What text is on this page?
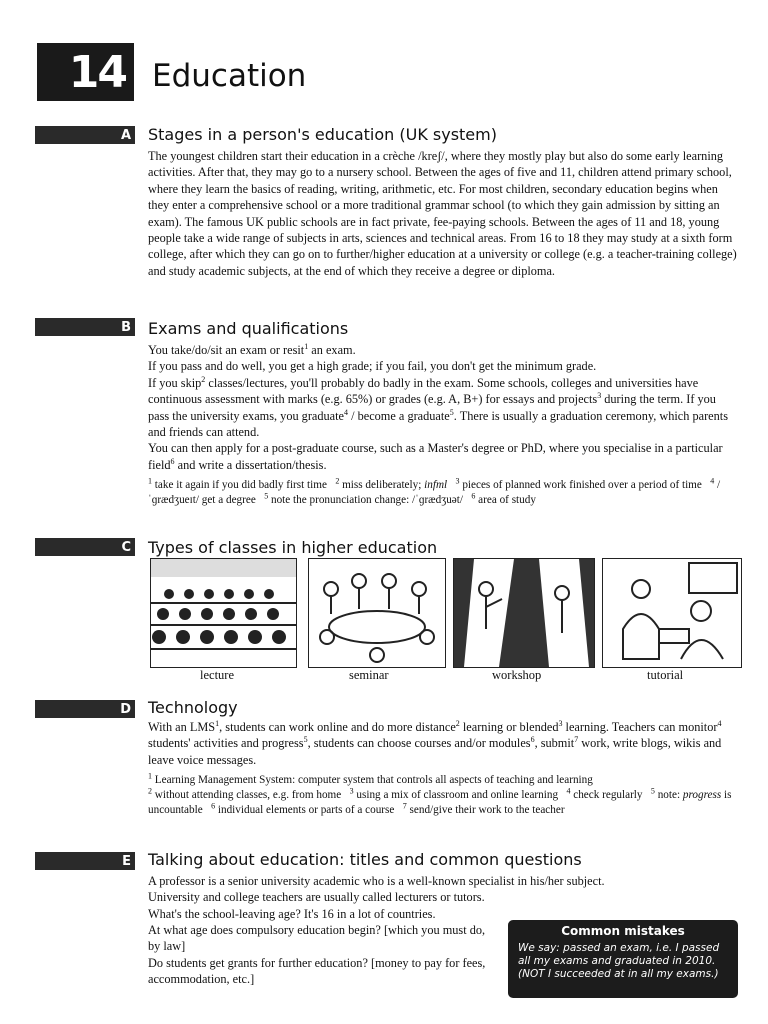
14 Education
A Stages in a person's education (UK system)

The youngest children start their education in a crèche /kreʃ/, where they mostly play but also do some early learning activities. After that, they may go to a nursery school. Between the ages of five and 11, children attend primary school, where they learn the basics of reading, writing, arithmetic, etc. For most children, secondary education begins when they enter a comprehensive school or a more traditional grammar school (to which they gain admission by sitting an exam). The famous UK public schools are in fact private, fee-paying schools. Between the ages of 11 and 18, young people take a wide range of subjects in arts, sciences and technical areas. From 16 to 18 they may study at a sixth form college, after which they can go on to further/higher education at a university or college (e.g. a teacher-training college) and study academic subjects, at the end of which they receive a degree or diploma.

B Exams and qualifications

You take/do/sit an exam or resit$^1$ an exam.

If you pass and do well, you get a high grade; if you fail, you don't get the minimum grade.

If you skip$^2$ classes/lectures, you'll probably do badly in the exam. Some schools, colleges and universities have continuous assessment with marks (e.g. 65%) or grades (e.g. A, B+) for essays and projects$^3$ during the term. If you pass the university exams, you graduate$^4$ / become a graduate$^5$. There is usually a graduation ceremony, which parents and friends can attend.

You can then apply for a post-graduate course, such as a Master's degree or PhD, where you specialise in a particular field$^6$ and write a dissertation/thesis.

$^1$ take it again if you did badly first time $^2$ miss deliberately; infml $^3$ pieces of planned work finished over a period of time $^4$ /ˈɡrædʒueɪt/ get a degree $^5$ note the pronunciation change: /ˈɡrædʒuət/ $^6$ area of study
C Types of classes in higher education
lecture	seminar	workshop	tutorial
D Technology

With an LMS$^1$, students can work online and do more distance$^2$ learning or blended$^3$ learning. Teachers can monitor$^4$ students' activities and progress$^5$, students can choose courses and/or modules$^6$, submit$^7$ work, write blogs, wikis and leave voice messages.

$^1$ Learning Management System: computer system that controls all aspects of teaching and learning
$^2$ without attending classes, e.g. from home $^3$ using a mix of classroom and online learning $^4$ check regularly $^5$ note: progress is uncountable $^6$ individual elements or parts of a course $^7$ send/give their work to the teacher
E Talking about education: titles and common questions

A professor is a senior university academic who is a well-known specialist in his/her subject.

University and college teachers are usually called lecturers or tutors.

What's the school-leaving age? It's 16 in a lot of countries.

At what age does compulsory education begin? [which you must do, by law]

Do students get grants for further education? [money to pay for fees, accommodation, etc.]

Common mistakes
We say: passed an exam, i.e. I passed all my exams and graduated in 2010. (NOT I succeeded at in all my exams.)
